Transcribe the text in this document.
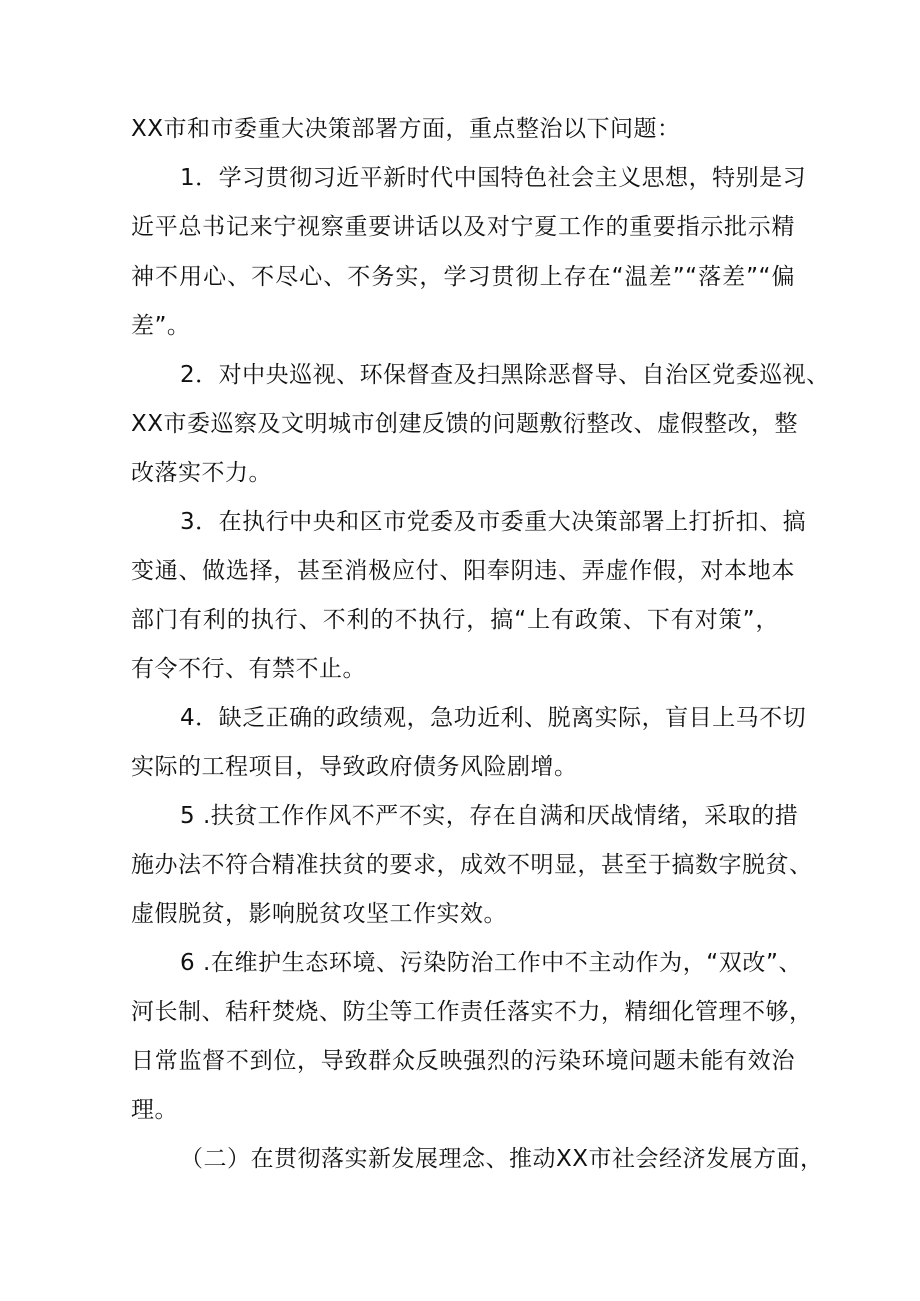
XX市和市委重大决策部署方面，重点整治以下问题：
1．学习贯彻习近平新时代中国特色社会主义思想，特别是习
近平总书记来宁视察重要讲话以及对宁夏工作的重要指示批示精
神不用心、不尽心、不务实，学习贯彻上存在“温差”“落差”“偏
差”。
2．对中央巡视、环保督查及扫黑除恶督导、自治区党委巡视、
XX市委巡察及文明城市创建反馈的问题敷衍整改、虚假整改，整
改落实不力。
3．在执行中央和区市党委及市委重大决策部署上打折扣、搞
变通、做选择，甚至消极应付、阳奉阴违、弄虚作假，对本地本
部门有利的执行、不利的不执行，搞“上有政策、下有对策”，
有令不行、有禁不止。
4．缺乏正确的政绩观，急功近利、脱离实际，盲目上马不切
实际的工程项目，导致政府债务风险剧增。
5 .扶贫工作作风不严不实，存在自满和厌战情绪，采取的措
施办法不符合精准扶贫的要求，成效不明显，甚至于搞数字脱贫、
虚假脱贫，影响脱贫攻坚工作实效。
6 .在维护生态环境、污染防治工作中不主动作为，“双改”、
河长制、秸秆焚烧、防尘等工作责任落实不力，精细化管理不够，
日常监督不到位，导致群众反映强烈的污染环境问题未能有效治
理。
（二）在贯彻落实新发展理念、推动XX市社会经济发展方面，
